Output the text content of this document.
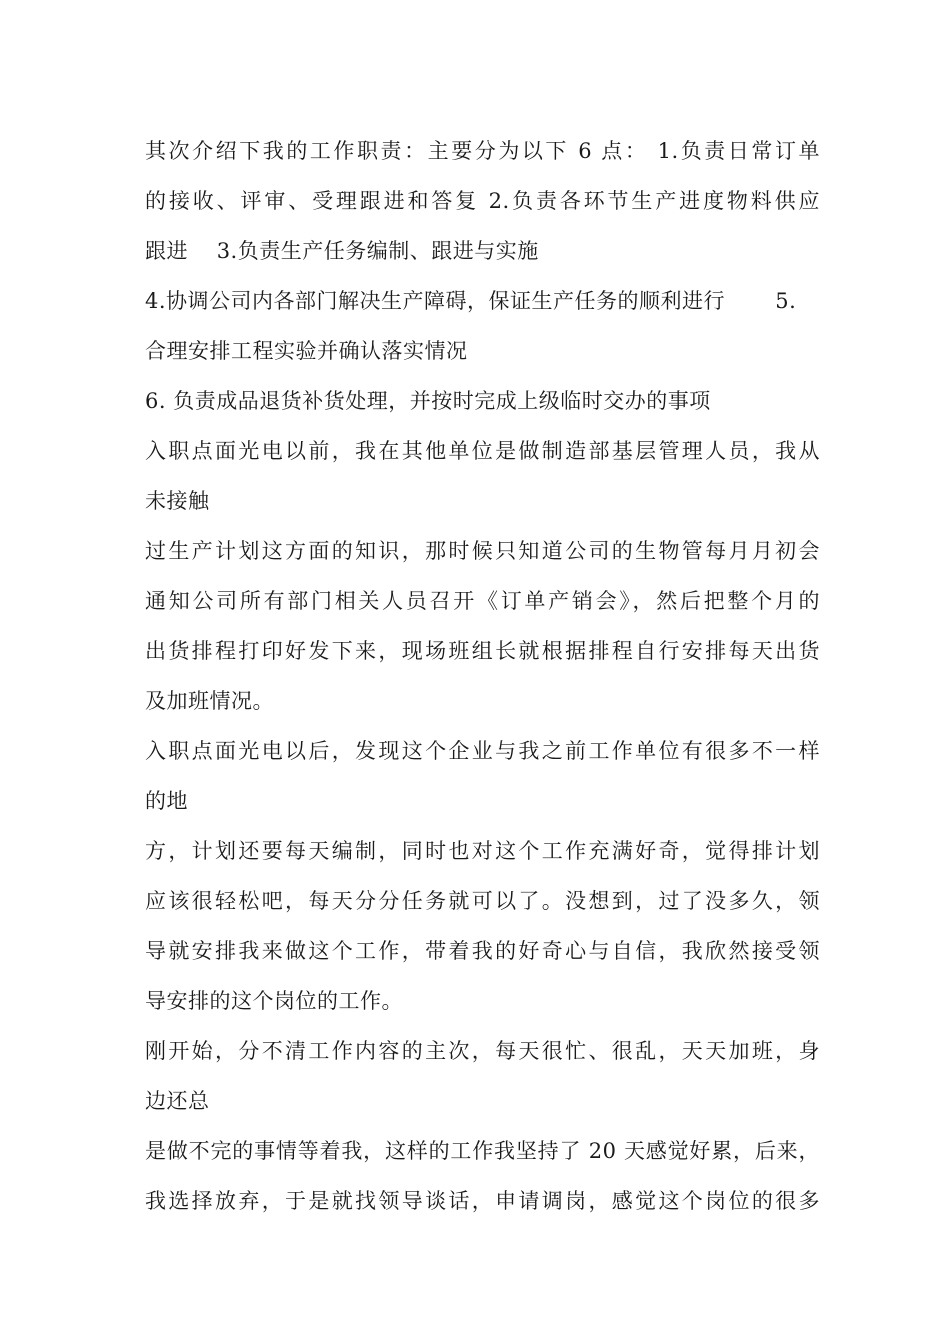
其次介绍下我的工作职责：主要分为以下 6 点： 1.负责日常订单
的接收、评审、受理跟进和答复 2.负责各环节生产进度物料供应
跟进    3.负责生产任务编制、跟进与实施
4.协调公司内各部门解决生产障碍，保证生产任务的顺利进行       5.
合理安排工程实验并确认落实情况
6. 负责成品退货补货处理，并按时完成上级临时交办的事项
入职点面光电以前，我在其他单位是做制造部基层管理人员，我从
未接触
过生产计划这方面的知识，那时候只知道公司的生物管每月月初会
通知公司所有部门相关人员召开《订单产销会》，然后把整个月的
出货排程打印好发下来，现场班组长就根据排程自行安排每天出货
及加班情况。
入职点面光电以后，发现这个企业与我之前工作单位有很多不一样
的地
方，计划还要每天编制，同时也对这个工作充满好奇，觉得排计划
应该很轻松吧，每天分分任务就可以了。没想到，过了没多久，领
导就安排我来做这个工作，带着我的好奇心与自信，我欣然接受领
导安排的这个岗位的工作。
刚开始，分不清工作内容的主次，每天很忙、很乱，天天加班，身
边还总
是做不完的事情等着我，这样的工作我坚持了 20 天感觉好累，后来，
我选择放弃，于是就找领导谈话，申请调岗，感觉这个岗位的很多
